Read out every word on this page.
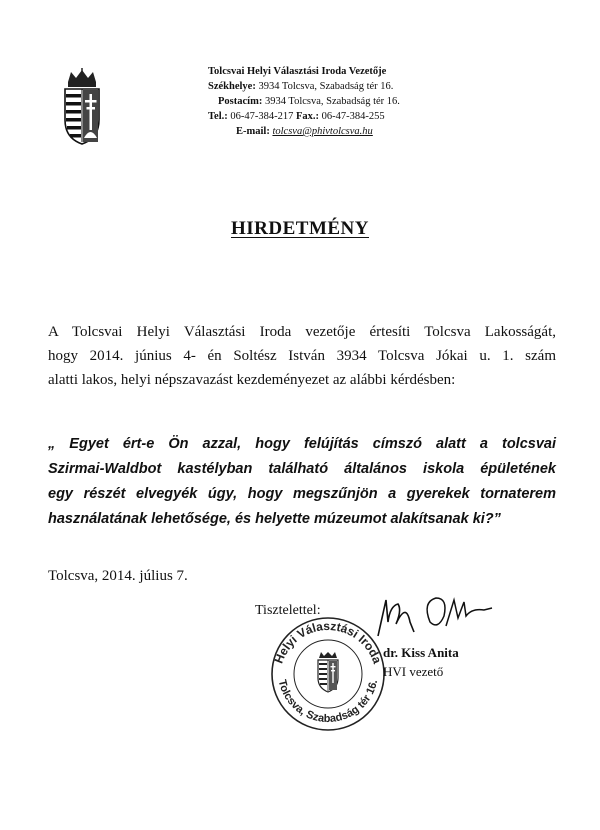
Tolcsvai Helyi Választási Iroda Vezetője
Székhelye: 3934 Tolcsva, Szabadság tér 16.
Postacím: 3934 Tolcsva, Szabadság tér 16.
Tel.: 06-47-384-217 Fax.: 06-47-384-255
E-mail: tolcsva@phivtolcsva.hu
HIRDETMÉNY
A Tolcsvai Helyi Választási Iroda vezetője értesíti Tolcsva Lakosságát,
hogy 2014. június 4- én Soltész István 3934 Tolcsva Jókai u. 1. szám
alatti lakos, helyi népszavazást kezdeményezet az alábbi kérdésben:
„ Egyet ért-e Ön azzal, hogy felújítás címszó alatt a tolcsvai
Szirmai-Waldbot kastélyban található általános iskola épületének
egy részét elvegyék úgy, hogy megszűnjön a gyerekek tornaterem
használatának lehetősége, és helyette múzeumot alakítsanak ki?”
Tolcsva, 2014. július 7.
Tisztelettel:
Helyi Választási Iroda
Tolcsva, Szabadság tér 16.
dr. Kiss Anita
HVI vezető
